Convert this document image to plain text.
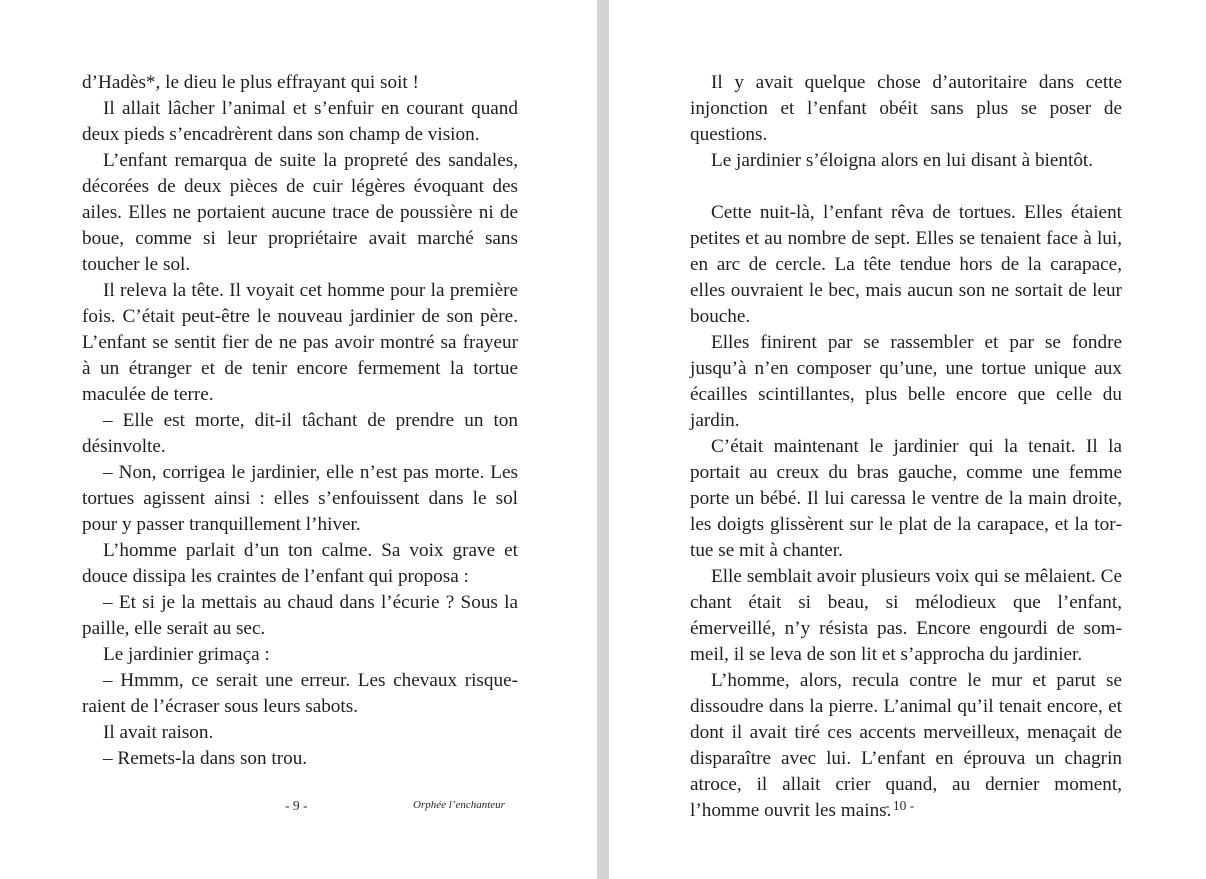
d’Hadès*, le dieu le plus effrayant qui soit !

Il allait lâcher l’animal et s’enfuir en courant quand deux pieds s’encadrèrent dans son champ de vision.

L’enfant remarqua de suite la propreté des sandales, décorées de deux pièces de cuir légères évoquant des ailes. Elles ne portaient aucune trace de poussière ni de boue, comme si leur propriétaire avait marché sans toucher le sol.

Il releva la tête. Il voyait cet homme pour la première fois. C’était peut-être le nouveau jardinier de son père. L’enfant se sentit fier de ne pas avoir montré sa frayeur à un étranger et de tenir encore fermement la tortue maculée de terre.

– Elle est morte, dit-il tâchant de prendre un ton désinvolte.

– Non, corrigea le jardinier, elle n’est pas morte. Les tortues agissent ainsi : elles s’enfouissent dans le sol pour y passer tranquillement l’hiver.

L’homme parlait d’un ton calme. Sa voix grave et douce dissipa les craintes de l’enfant qui proposa :

– Et si je la mettais au chaud dans l’écurie ? Sous la paille, elle serait au sec.

Le jardinier grimaça :

– Hmmm, ce serait une erreur. Les chevaux risqueraient de l’écraser sous leurs sabots.

Il avait raison.

– Remets-la dans son trou.

- 9 -	Orphée l’enchanteur

Il y avait quelque chose d’autoritaire dans cette injonction et l’enfant obéit sans plus se poser de questions.

Le jardinier s’éloigna alors en lui disant à bientôt.

Cette nuit-là, l’enfant rêva de tortues. Elles étaient petites et au nombre de sept. Elles se tenaient face à lui, en arc de cercle. La tête tendue hors de la carapace, elles ouvraient le bec, mais aucun son ne sortait de leur bouche.

Elles finirent par se rassembler et par se fondre jusqu’à n’en composer qu’une, une tortue unique aux écailles scintillantes, plus belle encore que celle du jardin.

C’était maintenant le jardinier qui la tenait. Il la portait au creux du bras gauche, comme une femme porte un bébé. Il lui caressa le ventre de la main droite, les doigts glissèrent sur le plat de la carapace, et la tortue se mit à chanter.

Elle semblait avoir plusieurs voix qui se mêlaient. Ce chant était si beau, si mélodieux que l’enfant, émerveillé, n’y résista pas. Encore engourdi de sommeil, il se leva de son lit et s’approcha du jardinier.

L’homme, alors, recula contre le mur et parut se dissoudre dans la pierre. L’animal qu’il tenait encore, et dont il avait tiré ces accents merveilleux, menaçait de disparaître avec lui. L’enfant en éprouva un chagrin atroce, il allait crier quand, au dernier moment, l’homme ouvrit les mains.

- 10 -
